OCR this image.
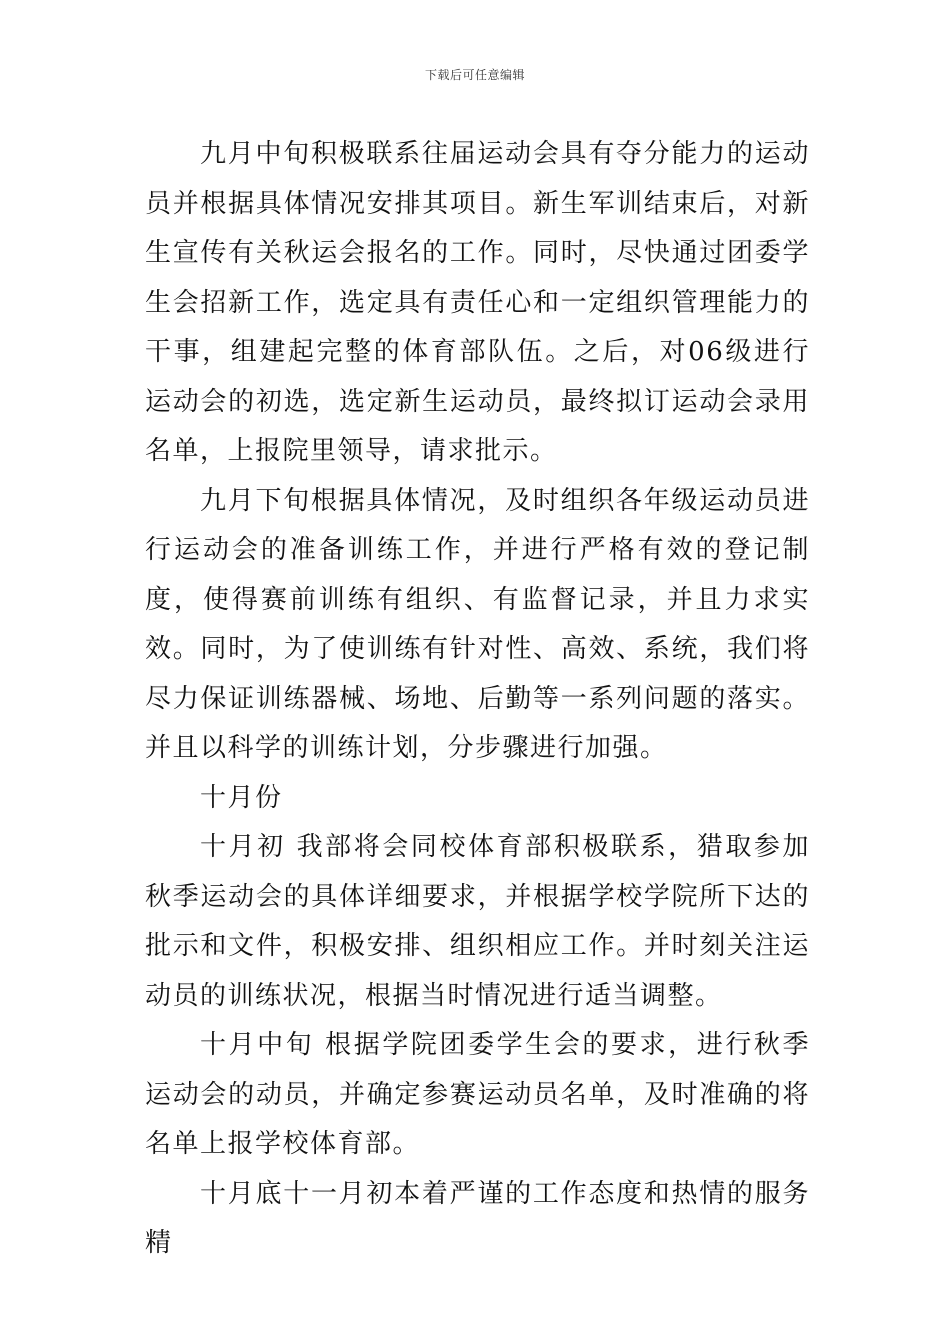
下载后可任意编辑

九月中旬积极联系往届运动会具有夺分能力的运动员并根据具体情况安排其项目。新生军训结束后，对新生宣传有关秋运会报名的工作。同时，尽快通过团委学生会招新工作，选定具有责任心和一定组织管理能力的干事，组建起完整的体育部队伍。之后，对06级进行运动会的初选，选定新生运动员，最终拟订运动会录用名单，上报院里领导，请求批示。

九月下旬根据具体情况，及时组织各年级运动员进行运动会的准备训练工作，并进行严格有效的登记制度，使得赛前训练有组织、有监督记录，并且力求实效。同时，为了使训练有针对性、高效、系统，我们将尽力保证训练器械、场地、后勤等一系列问题的落实。并且以科学的训练计划，分步骤进行加强。

十月份

十月初 我部将会同校体育部积极联系，猎取参加秋季运动会的具体详细要求，并根据学校学院所下达的批示和文件，积极安排、组织相应工作。并时刻关注运动员的训练状况，根据当时情况进行适当调整。

十月中旬 根据学院团委学生会的要求，进行秋季运动会的动员，并确定参赛运动员名单，及时准确的将名单上报学校体育部。

十月底十一月初本着严谨的工作态度和热情的服务精
